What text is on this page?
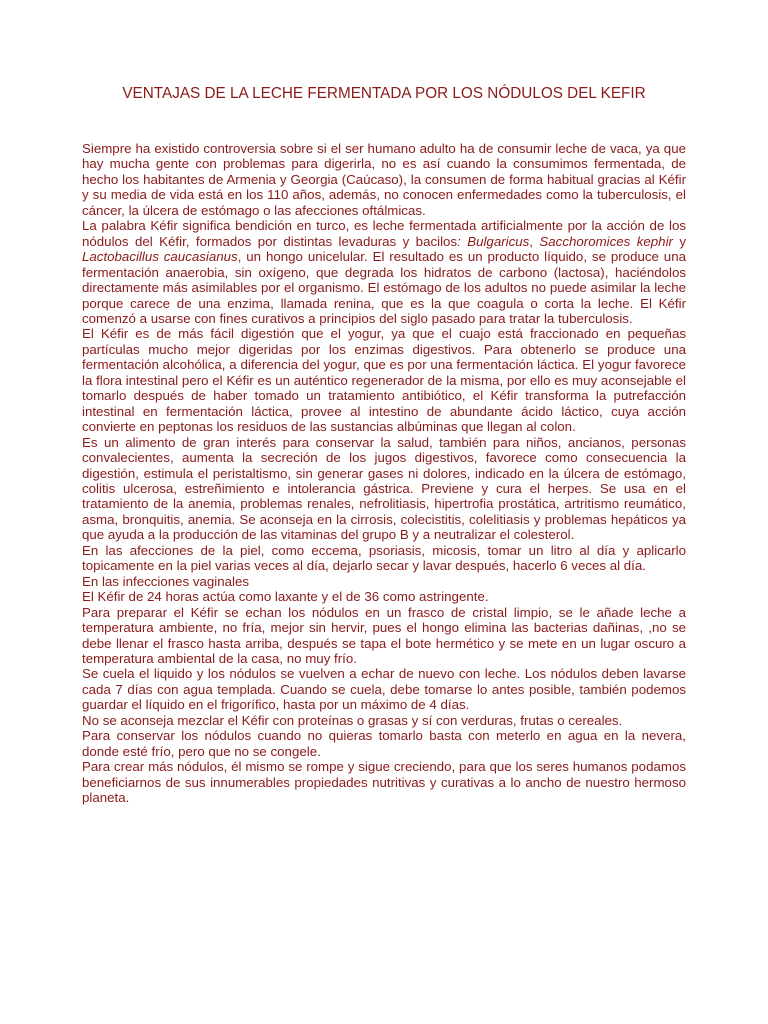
VENTAJAS DE LA LECHE FERMENTADA POR LOS NÓDULOS DEL KEFIR

Siempre ha existido controversia sobre si el ser humano adulto ha de consumir leche de vaca, ya que hay mucha gente con problemas para digerirla, no es así cuando la consumimos fermentada, de hecho los habitantes de Armenia y Georgia (Caúcaso), la consumen de forma habitual gracias al Kéfir y su media de vida está en los 110 años, además, no conocen enfermedades como la tuberculosis, el cáncer, la úlcera de estómago o las afecciones oftálmicas.

La palabra Kéfir significa bendición en turco, es leche fermentada artificialmente por la acción de los nódulos del Kéfir, formados por distintas levaduras y bacilos: Bulgaricus, Sacchoromices kephir y Lactobacillus caucasianus, un hongo unicelular. El resultado es un producto líquido, se produce una fermentación anaerobia, sin oxígeno, que degrada los hidratos de carbono (lactosa), haciéndolos directamente más asimilables por el organismo. El estómago de los adultos no puede asimilar la leche porque carece de una enzima, llamada renina, que es la que coagula o corta la leche. El Kéfir comenzó a usarse con fines curativos a principios del siglo pasado para tratar la tuberculosis.

El Kéfir es de más fácil digestión que el yogur, ya que el cuajo está fraccionado en pequeñas partículas mucho mejor digeridas por los enzimas digestivos. Para obtenerlo se produce una fermentación alcohólica, a diferencia del yogur, que es por una fermentación láctica. El yogur favorece la flora intestinal pero el Kéfir es un auténtico regenerador de la misma, por ello es muy aconsejable el tomarlo después de haber tomado un tratamiento antibiótico, el Kéfir transforma la putrefacción intestinal en fermentación láctica, provee al intestino de abundante ácido láctico, cuya acción convierte en peptonas los residuos de las sustancias albúminas que llegan al colon.

Es un alimento de gran interés para conservar la salud, también para niños, ancianos, personas convalecientes, aumenta la secreción de los jugos digestivos, favorece como consecuencia la digestión, estimula el peristaltismo, sin generar gases ni dolores, indicado en la úlcera de estómago, colitis ulcerosa, estreñimiento e intolerancia gástrica. Previene y cura el herpes. Se usa en el tratamiento de la anemia, problemas renales, nefrolitiasis, hipertrofia prostática, artritismo reumático, asma, bronquitis, anemia. Se aconseja en la cirrosis, colecistitis, colelitiasis y problemas hepáticos ya que ayuda a la producción de las vitaminas del grupo B y a neutralizar el colesterol.

En las afecciones de la piel, como eccema, psoriasis, micosis, tomar un litro al día y aplicarlo topicamente en la piel varias veces al día, dejarlo secar y lavar después, hacerlo 6 veces al día.

En las infecciones vaginales

El Kéfir de 24 horas actúa como laxante y el de 36 como astringente.

Para preparar el Kéfir se echan los nódulos en un frasco de cristal limpio, se le añade leche a temperatura ambiente, no fría, mejor sin hervir, pues el hongo elimina las bacterias dañinas, ,no se debe llenar el frasco hasta arriba, después se tapa el bote hermético y se mete en un lugar oscuro a temperatura ambiental de la casa, no muy frío.

Se cuela el liquido y los nódulos se vuelven a echar de nuevo con leche. Los nódulos deben lavarse cada 7 días con agua templada. Cuando se cuela, debe tomarse lo antes posible, también podemos guardar el líquido en el frigorífico, hasta por un máximo de 4 días.

No se aconseja mezclar el Kéfir con proteínas o grasas y sí con verduras, frutas o cereales.

Para conservar los nódulos cuando no quieras tomarlo basta con meterlo en agua en la nevera, donde esté frío, pero que no se congele.

Para crear más nódulos, él mismo se rompe y sigue creciendo, para que los seres humanos podamos beneficiarnos de sus innumerables propiedades nutritivas y curativas a lo ancho de nuestro hermoso planeta.
